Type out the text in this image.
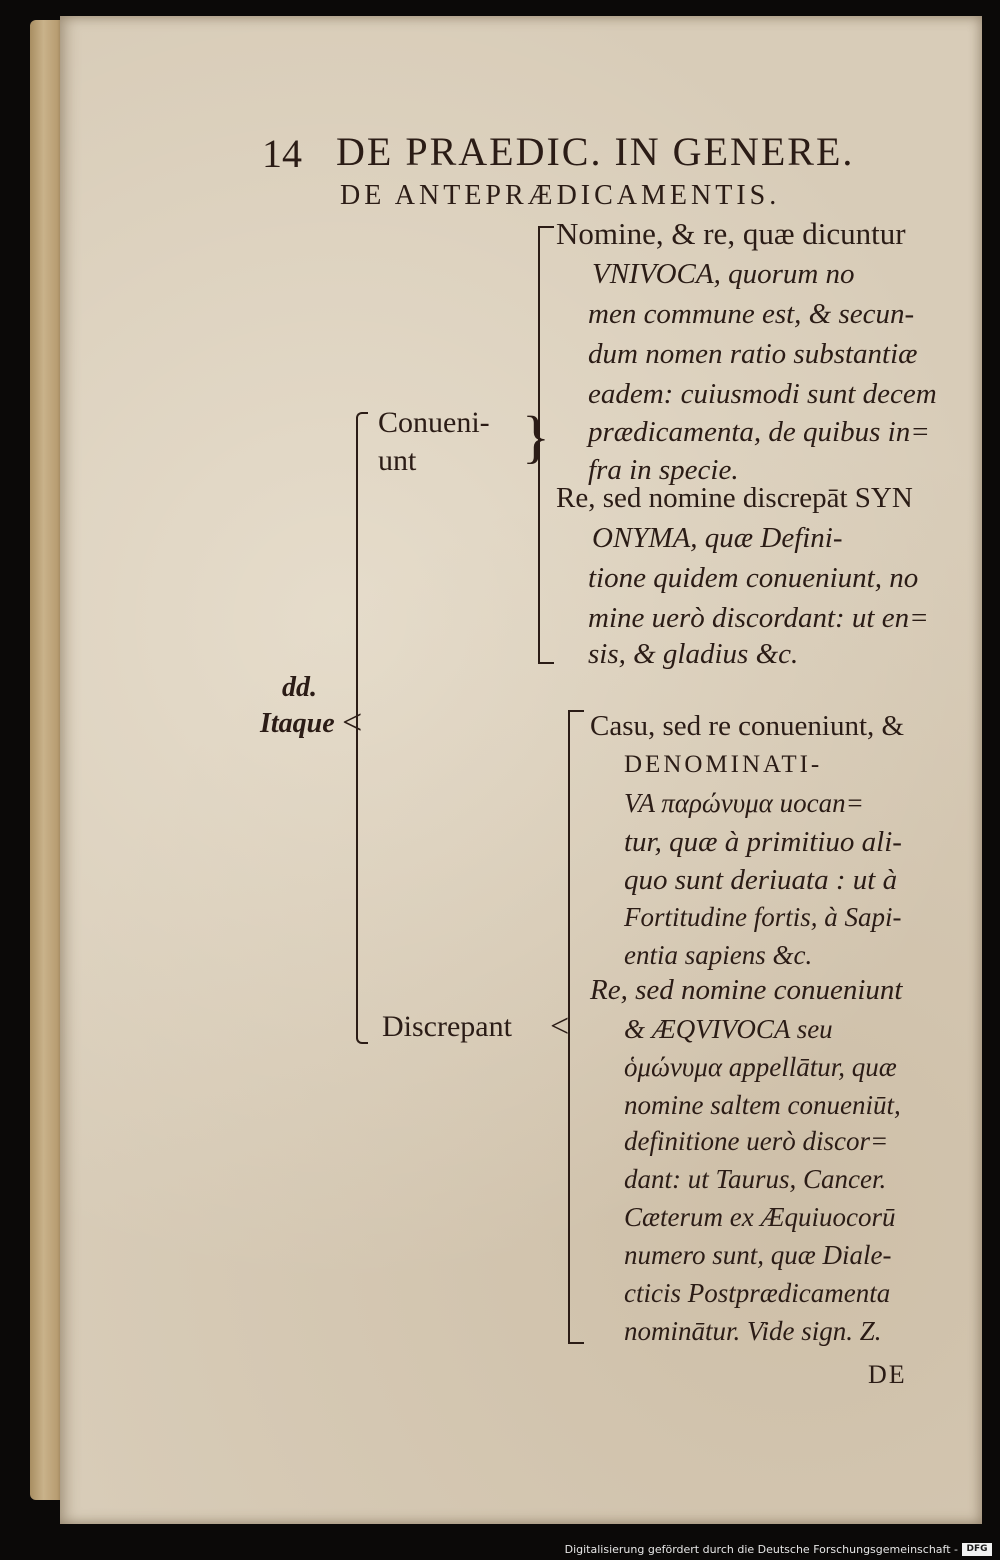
14 DE PRAEDIC. IN GENERE.
DE ANTEPRÆDICAMENTIS.
dd.
Itaque <
Conueni-
unt }
Nomine, & re, quæ dicuntur
VNIVOCA, quorum no
men commune est, & secun-
dum nomen ratio substantiæ
eadem: cuiusmodi sunt decem
prædicamenta, de quibus in=
fra in specie.
Re, sed nomine discrepāt SYN
ONYMA, quæ Defini-
tione quidem conueniunt, no
mine uerò discordant: ut en=
sis, & gladius &c.
Discrepant <
Casu, sed re conueniunt, &
DENOMINATI-
VA παρώνυμα uocan=
tur, quæ à primitiuo ali-
quo sunt deriuata : ut à
Fortitudine fortis, à Sapi-
entia sapiens &c.
Re, sed nomine conueniunt
& ÆQVIVOCA seu
ὁμώνυμα appellātur, quæ
nomine saltem conueniūt,
definitione uerò discor=
dant: ut Taurus, Cancer.
Cæterum ex Æquiuocorū
numero sunt, quæ Diale-
cticis Postprædicamenta
nominātur. Vide sign. Z.
DE
Digitalisierung gefördert durch die Deutsche Forschungsgemeinschaft - DFG
